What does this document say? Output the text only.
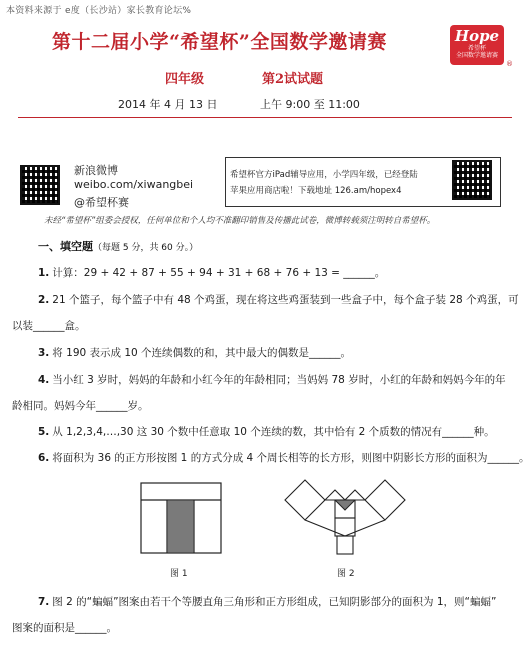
本资料来源于 e度（长沙站）家长教育论坛%
第十二届小学“希望杯”全国数学邀请赛	Hope
希望杯
全国数学邀请赛
®
四年级	第2试试题
2014 年 4 月 13 日	上午 9:00 至 11:00
新浪微博
weibo.com/xiwangbei
@希望杯赛
希望杯官方iPad辅导应用，小学四年级，已经登陆
苹果应用商店啦！下载地址 126.am/hopex4
未经“希望杯”组委会授权，任何单位和个人均不准翻印销售及传播此试卷，微博转载须注明转自希望杯。
一、填空题（每题 5 分，共 60 分。）
1. 计算：29 + 42 + 87 + 55 + 94 + 31 + 68 + 76 + 13 = ______。
2. 21 个篮子，每个篮子中有 48 个鸡蛋，现在将这些鸡蛋装到一些盒子中，每个盒子装 28 个鸡蛋，可
以装______盒。
3. 将 190 表示成 10 个连续偶数的和，其中最大的偶数是______。
4. 当小红 3 岁时，妈妈的年龄和小红今年的年龄相同；当妈妈 78 岁时，小红的年龄和妈妈今年的年
龄相同。妈妈今年______岁。
5. 从 1,2,3,4,…,30 这 30 个数中任意取 10 个连续的数，其中恰有 2 个质数的情况有______种。
6. 将面积为 36 的正方形按图 1 的方式分成 4 个周长相等的长方形，则图中阴影长方形的面积为______。
图 1	图 2
7. 图 2 的“蝙蝠”图案由若干个等腰直角三角形和正方形组成，已知阴影部分的面积为 1，则“蝙蝠”
图案的面积是______。
